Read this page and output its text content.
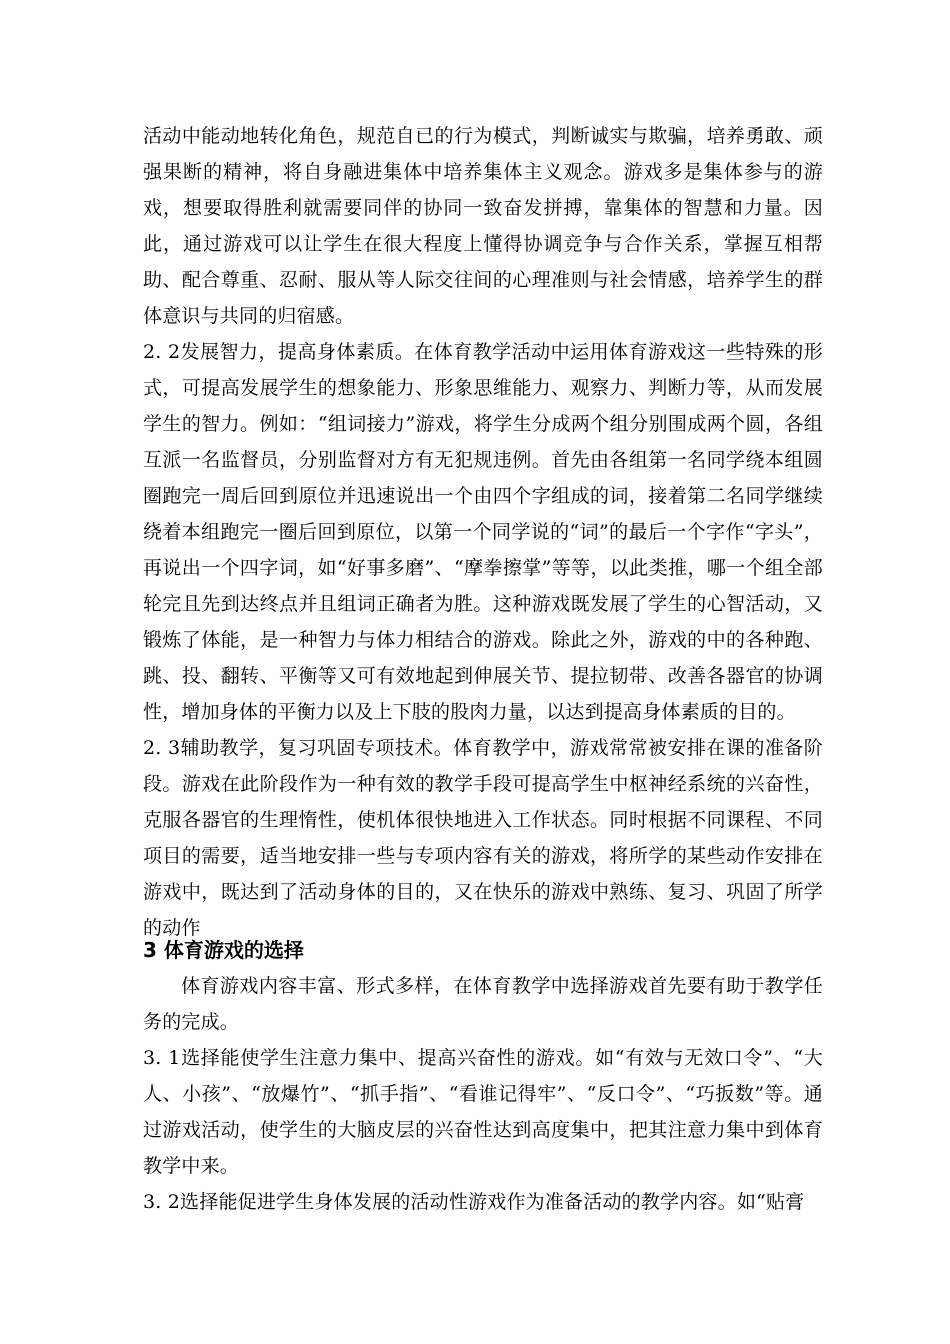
活动中能动地转化角色，规范自已的行为模式，判断诚实与欺骗，培养勇敢、顽强果断的精神，将自身融进集体中培养集体主义观念。游戏多是集体参与的游戏，想要取得胜利就需要同伴的协同一致奋发拼搏，靠集体的智慧和力量。因此，通过游戏可以让学生在很大程度上懂得协调竞争与合作关系，掌握互相帮助、配合尊重、忍耐、服从等人际交往间的心理准则与社会情感，培养学生的群体意识与共同的归宿感。

2. 2发展智力，提高身体素质。在体育教学活动中运用体育游戏这一些特殊的形式，可提高发展学生的想象能力、形象思维能力、观察力、判断力等，从而发展学生的智力。例如：“组词接力”游戏，将学生分成两个组分别围成两个圆，各组互派一名监督员，分别监督对方有无犯规违例。首先由各组第一名同学绕本组圆圈跑完一周后回到原位并迅速说出一个由四个字组成的词，接着第二名同学继续绕着本组跑完一圈后回到原位，以第一个同学说的“词”的最后一个字作“字头”，再说出一个四字词，如“好事多磨”、“摩拳擦掌”等等，以此类推，哪一个组全部轮完且先到达终点并且组词正确者为胜。这种游戏既发展了学生的心智活动，又锻炼了体能，是一种智力与体力相结合的游戏。除此之外，游戏的中的各种跑、跳、投、翻转、平衡等又可有效地起到伸展关节、提拉韧带、改善各器官的协调性，增加身体的平衡力以及上下肢的股肉力量，以达到提高身体素质的目的。

2. 3辅助教学，复习巩固专项技术。体育教学中，游戏常常被安排在课的准备阶段。游戏在此阶段作为一种有效的教学手段可提高学生中枢神经系统的兴奋性，克服各器官的生理惰性，使机体很快地进入工作状态。同时根据不同课程、不同项目的需要，适当地安排一些与专项内容有关的游戏，将所学的某些动作安排在游戏中，既达到了活动身体的目的，又在快乐的游戏中熟练、复习、巩固了所学的动作

3 体育游戏的选择

体育游戏内容丰富、形式多样，在体育教学中选择游戏首先要有助于教学任务的完成。

3. 1选择能使学生注意力集中、提高兴奋性的游戏。如“有效与无效口令”、“大人、小孩”、“放爆竹”、“抓手指”、“看谁记得牢”、“反口令”、“巧扳数”等。通过游戏活动，使学生的大脑皮层的兴奋性达到高度集中，把其注意力集中到体育教学中来。

3. 2选择能促进学生身体发展的活动性游戏作为准备活动的教学内容。如“贴膏
